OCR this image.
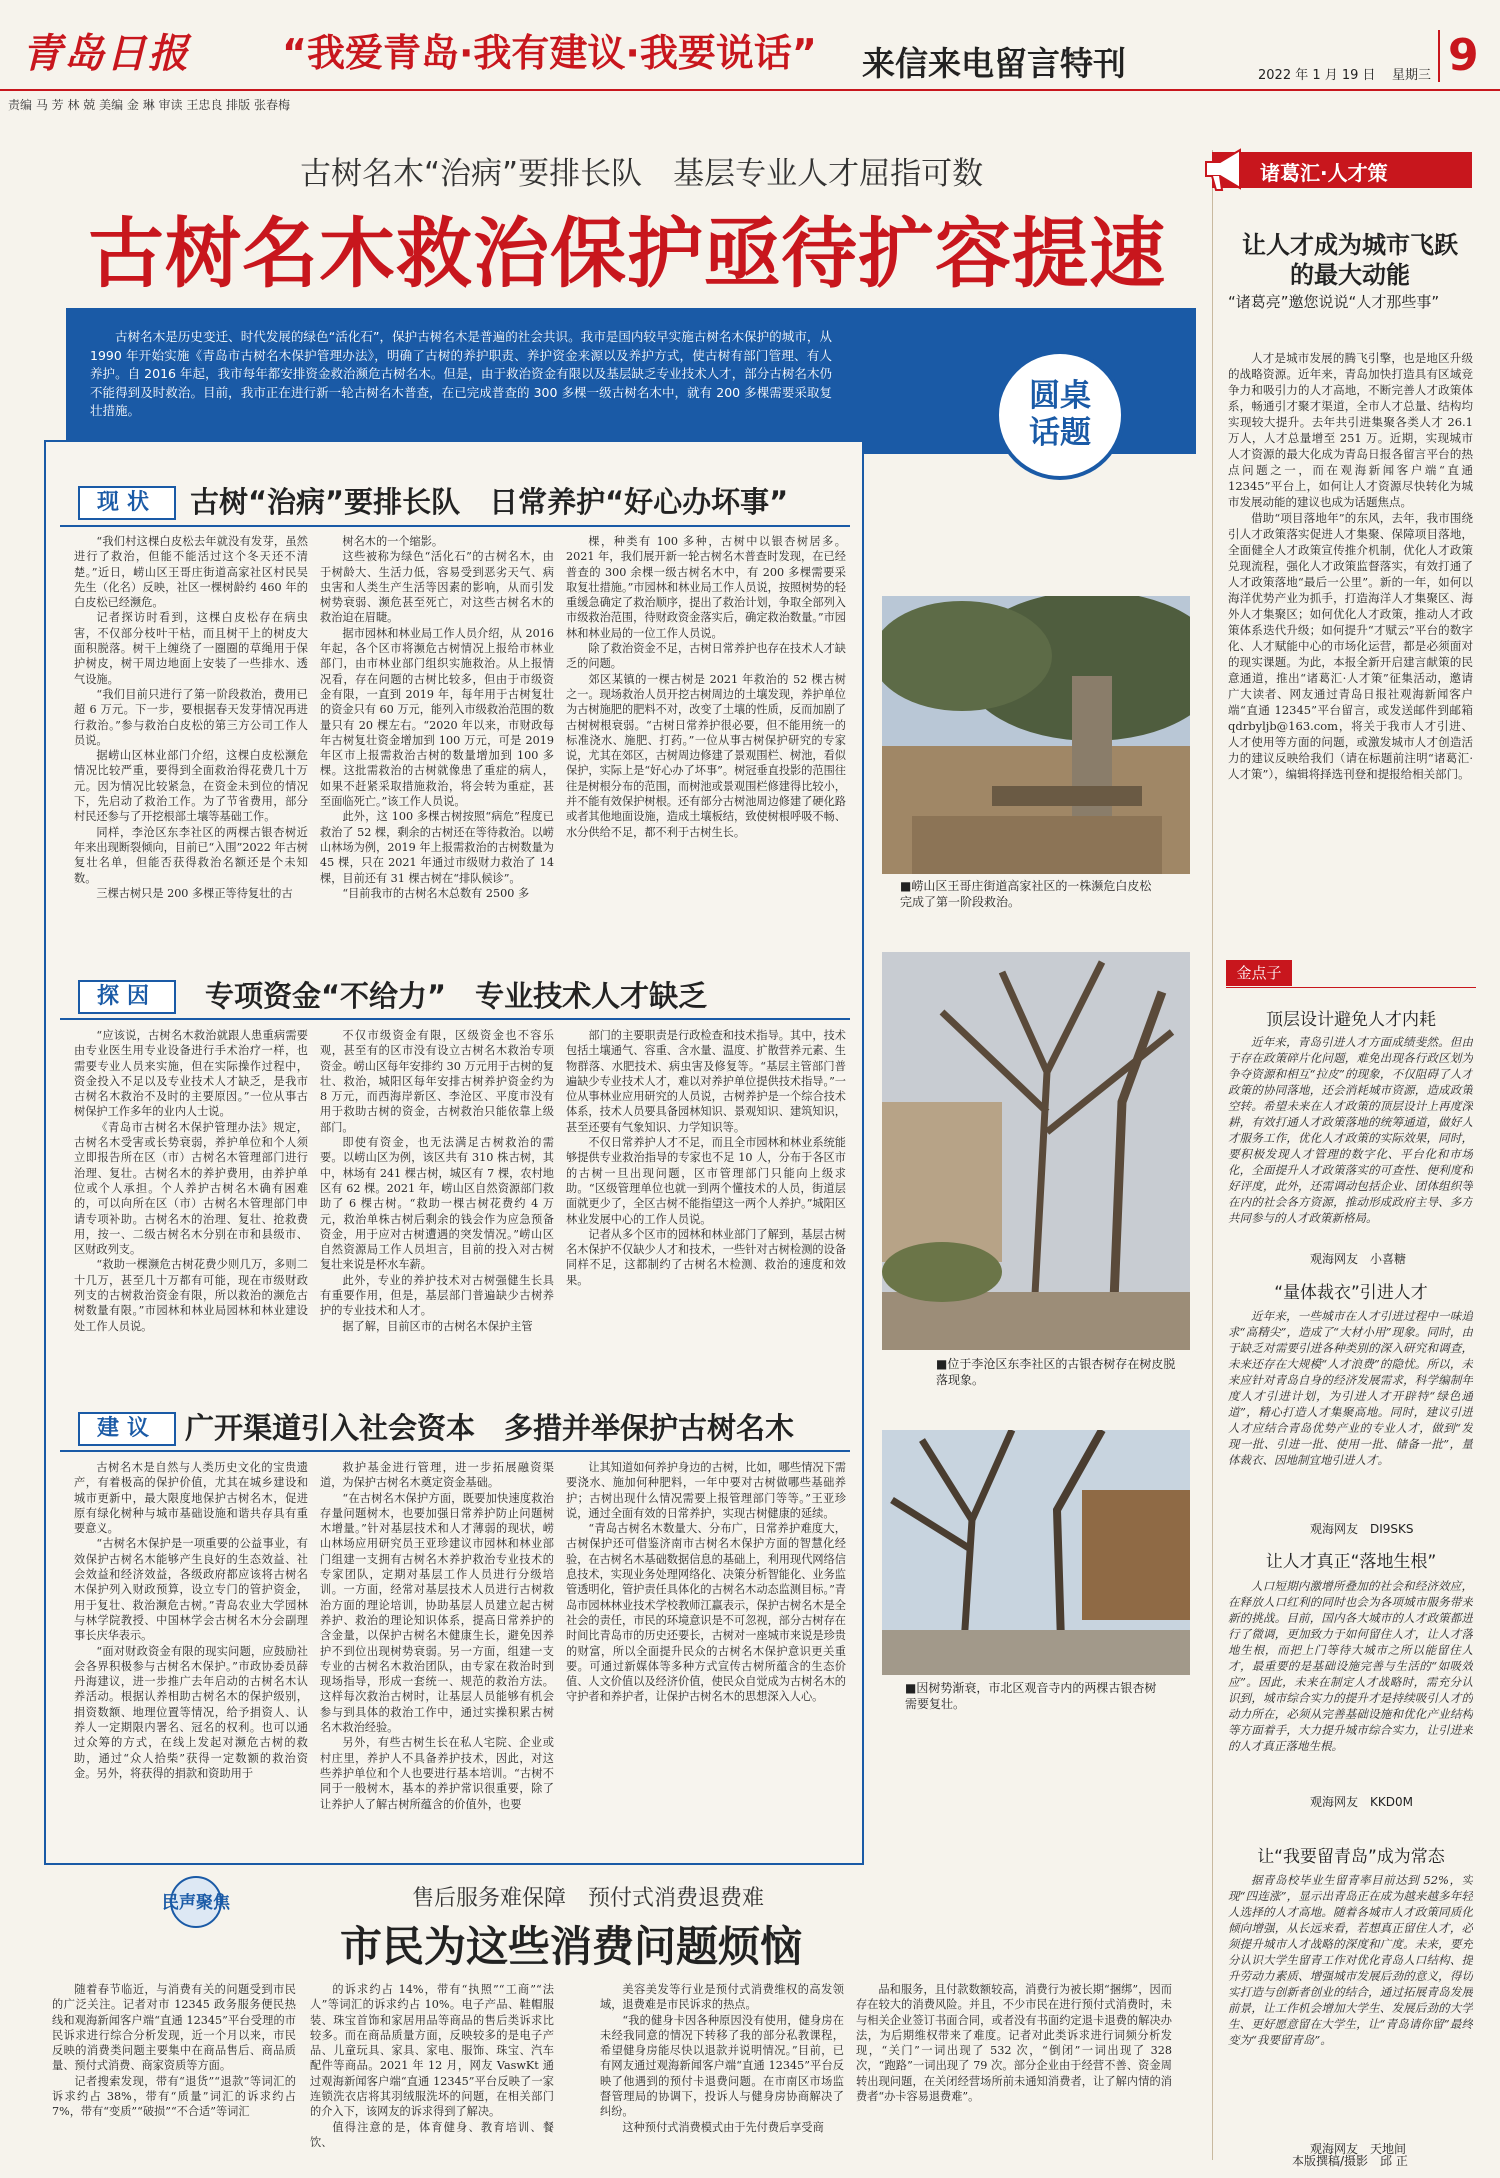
青岛日报 “我爱青岛·我有建议·我要说话” 来信来电留言特刊	2022 年 1 月 19 日 星期三 9
责编 马 芳 林 兢 美编 金 琳 审读 王忠良 排版 张春梅
古树名木“治病”要排长队　基层专业人才屈指可数
古树名木救治保护亟待扩容提速
古树名木是历史变迁、时代发展的绿色“活化石”，保护古树名木是普遍的社会共识。我市是国内较早实施古树名木保护的城市，从 1990 年开始实施《青岛市古树名木保护管理办法》，明确了古树的养护职责、养护资金来源以及养护方式，使古树有部门管理、有人养护。自 2016 年起，我市每年都安排资金救治濒危古树名木。但是，由于救治资金有限以及基层缺乏专业技术人才，部分古树名木仍不能得到及时救治。目前，我市正在进行新一轮古树名木普查，在已完成普查的 300 多棵一级古树名木中，就有 200 多棵需要采取复壮措施。	圆桌话题
现状	古树“治病”要排长队　日常养护“好心办坏事”

“我们村这棵白皮松去年就没有发芽，虽然进行了救治，但能不能活过这个冬天还不清楚。”近日，崂山区王哥庄街道高家社区村民吴先生（化名）反映，社区一棵树龄约 460 年的白皮松已经濒危。

记者探访时看到，这棵白皮松存在病虫害，不仅部分枝叶干枯，而且树干上的树皮大面积脱落。树干上缠绕了一圈圈的草绳用于保护树皮，树干周边地面上安装了一些排水、透气设施。

“我们目前只进行了第一阶段救治，费用已超 6 万元。下一步，要根据春天发芽情况再进行救治。”参与救治白皮松的第三方公司工作人员说。

据崂山区林业部门介绍，这棵白皮松濒危情况比较严重，要得到全面救治得花费几十万元。因为情况比较紧急，在资金未到位的情况下，先启动了救治工作。为了节省费用，部分村民还参与了开挖根部土壤等基础工作。

同样，李沧区东李社区的两棵古银杏树近年来出现断裂倾向，目前已“入围”2022 年古树复壮名单，但能否获得救治名额还是个未知数。

三棵古树只是 200 多棵正等待复壮的古

树名木的一个缩影。

这些被称为绿色“活化石”的古树名木，由于树龄大、生活力低，容易受到恶劣天气、病虫害和人类生产生活等因素的影响，从而引发树势衰弱、濒危甚至死亡，对这些古树名木的救治迫在眉睫。

据市园林和林业局工作人员介绍，从 2016 年起，各个区市将濒危古树情况上报给市林业部门，由市林业部门组织实施救治。从上报情况看，存在问题的古树比较多，但由于市级资金有限，一直到 2019 年，每年用于古树复壮的资金只有 60 万元，能列入市级救治范围的数量只有 20 棵左右。“2020 年以来，市财政每年古树复壮资金增加到 100 万元，可是 2019 年区市上报需救治古树的数量增加到 100 多棵。这批需救治的古树就像患了重症的病人，如果不赶紧采取措施救治，将会转为重症，甚至面临死亡。”该工作人员说。

此外，这 100 多棵古树按照“病危”程度已救治了 52 棵，剩余的古树还在等待救治。以崂山林场为例，2019 年上报需救治的古树数量为 45 棵，只在 2021 年通过市级财力救治了 14 棵，目前还有 31 棵古树在“排队候诊”。

“目前我市的古树名木总数有 2500 多

棵，种类有 100 多种，古树中以银杏树居多。2021 年，我们展开新一轮古树名木普查时发现，在已经普查的 300 余棵一级古树名木中，有 200 多棵需要采取复壮措施。”市园林和林业局工作人员说，按照树势的轻重缓急确定了救治顺序，提出了救治计划，争取全部列入市级救治范围，待财政资金落实后，确定救治数量。”市园林和林业局的一位工作人员说。

除了救治资金不足，古树日常养护也存在技术人才缺乏的问题。

郊区某镇的一棵古树是 2021 年救治的 52 棵古树之一。现场救治人员开挖古树周边的土壤发现，养护单位为古树施肥的肥料不对，改变了土壤的性质，反而加剧了古树树根衰弱。“古树日常养护很必要，但不能用统一的标准浇水、施肥、打药。”一位从事古树保护研究的专家说，尤其在郊区，古树周边修建了景观围栏、树池，看似保护，实际上是“好心办了坏事”。树冠垂直投影的范围往往是树根分布的范围，而树池或景观围栏修建得比较小，并不能有效保护树根。还有部分古树池周边修建了硬化路或者其他地面设施，造成土壤板结，致使树根呼吸不畅、水分供给不足，都不利于古树生长。

探因	专项资金“不给力”　专业技术人才缺乏

“应该说，古树名木救治就跟人患重病需要由专业医生用专业设备进行手术治疗一样，也需要专业人员来实施，但在实际操作过程中，资金投入不足以及专业技术人才缺乏，是我市古树名木救治不及时的主要原因。”一位从事古树保护工作多年的业内人士说。

《青岛市古树名木保护管理办法》规定，古树名木受害或长势衰弱，养护单位和个人须立即报告所在区（市）古树名木管理部门进行治理、复壮。古树名木的养护费用，由养护单位或个人承担。个人养护古树名木确有困难的，可以向所在区（市）古树名木管理部门申请专项补助。古树名木的治理、复壮、抢救费用，按一、二级古树名木分别在市和县级市、区财政列支。

“救助一棵濒危古树花费少则几万，多则二十几万，甚至几十万都有可能，现在市级财政列支的古树救治资金有限，所以救治的濒危古树数量有限。”市园林和林业局园林和林业建设处工作人员说。

不仅市级资金有限，区级资金也不容乐观，甚至有的区市没有设立古树名木救治专项资金。崂山区每年安排约 30 万元用于古树的复壮、救治，城阳区每年安排古树养护资金约为 8 万元，而西海岸新区、李沧区、平度市没有用于救助古树的资金，古树救治只能依靠上级部门。

即使有资金，也无法满足古树救治的需要。以崂山区为例，该区共有 310 株古树，其中，林场有 241 棵古树，城区有 7 棵，农村地区有 62 棵。2021 年，崂山区自然资源部门救助了 6 棵古树。“救助一棵古树花费约 4 万元，救治单株古树后剩余的钱会作为应急预备资金，用于应对古树遭遇的突发情况。”崂山区自然资源局工作人员坦言，目前的投入对古树复壮来说是杯水车薪。

此外，专业的养护技术对古树强健生长具有重要作用，但是，基层部门普遍缺少古树养护的专业技术和人才。

据了解，目前区市的古树名木保护主管

部门的主要职责是行政检查和技术指导。其中，技术包括土壤通气、容重、含水量、温度、扩散营养元素、生物群落、水肥技术、病虫害及修复等。“基层主管部门普遍缺少专业技术人才，难以对养护单位提供技术指导。”一位从事林业应用研究的人员说，古树养护是一个综合技术体系，技术人员要具备园林知识、景观知识、建筑知识，甚至还要有气象知识、力学知识等。

不仅日常养护人才不足，而且全市园林和林业系统能够提供专业救治指导的专家也不足 10 人，分布于各区市的古树一旦出现问题，区市管理部门只能向上级求助。“区级管理单位也就一到两个懂技术的人员，街道层面就更少了，全区古树不能指望这一两个人养护。”城阳区林业发展中心的工作人员说。

记者从多个区市的园林和林业部门了解到，基层古树名木保护不仅缺少人才和技术，一些针对古树检测的设备同样不足，这都制约了古树名木检测、救治的速度和效果。

建议 广开渠道引入社会资本　多措并举保护古树名木

古树名木是自然与人类历史文化的宝贵遗产，有着极高的保护价值，尤其在城乡建设和城市更新中，最大限度地保护古树名木，促进原有绿化树种与城市基础设施和谐共存具有重要意义。

“古树名木保护是一项重要的公益事业，有效保护古树名木能够产生良好的生态效益、社会效益和经济效益，各级政府都应该将古树名木保护列入财政预算，设立专门的管护资金，用于复壮、救治濒危古树。”青岛农业大学园林与林学院教授、中国林学会古树名木分会副理事长庆华表示。

“面对财政资金有限的现实问题，应鼓励社会各界积极参与古树名木保护。”市政协委员薛丹海建议，进一步推广去年启动的古树名木认养活动。根据认养相助古树名木的保护级别，捐资数额、地理位置等情况，给予捐资人、认养人一定期限内署名、冠名的权利。也可以通过众筹的方式，在线上发起对濒危古树的救助，通过“众人拾柴”获得一定数额的救治资金。另外，将获得的捐款和资助用于

救护基金进行管理，进一步拓展融资渠道，为保护古树名木奠定资金基础。

“在古树名木保护方面，既要加快速度救治存量问题树木，也要加强日常养护防止问题树木增量。”针对基层技术和人才薄弱的现状，崂山林场应用研究员王亚珍建议市园林和林业部门组建一支拥有古树名木养护救治专业技术的专家团队，定期对基层工作人员进行分级培训。一方面，经常对基层技术人员进行古树救治方面的理论培训，协助基层人员建立起古树养护、救治的理论知识体系，提高日常养护的含金量，以保护古树名木健康生长，避免因养护不到位出现树势衰弱。另一方面，组建一支专业的古树名木救治团队，由专家在救治时到现场指导，形成一套统一、规范的救治方法。这样每次救治古树时，让基层人员能够有机会参与到具体的救治工作中，通过实操积累古树名木救治经验。

另外，有些古树生长在私人宅院、企业或村庄里，养护人不具备养护技术，因此，对这些养护单位和个人也要进行基本培训。“古树不同于一般树木，基本的养护常识很重要，除了让养护人了解古树所蕴含的价值外，也要

让其知道如何养护身边的古树，比如，哪些情况下需要浇水、施加何种肥料，一年中要对古树做哪些基础养护；古树出现什么情况需要上报管理部门等等。”王亚珍说，通过全面有效的日常养护，实现古树健康的延续。

“青岛古树名木数量大、分布广，日常养护难度大，古树保护还可借鉴济南市古树名木保护方面的智慧化经验，在古树名木基础数据信息的基础上，利用现代网络信息技术，实现业务处理网络化、决策分析智能化、业务监管透明化，管护责任具体化的古树名木动态监测目标。”青岛市园林林业技术学校教师江赢表示，保护古树名木是全社会的责任，市民的环境意识是不可忽视，部分古树存在时间比青岛市的历史还要长，古树对一座城市来说是珍贵的财富，所以全面提升民众的古树名木保护意识更关重要。可通过新媒体等多种方式宣传古树所蕴含的生态价值、人文价值以及经济价值，使民众自觉成为古树名木的守护者和养护者，让保护古树名木的思想深入人心。

■崂山区王哥庄街道高家社区的一株濒危白皮松完成了第一阶段救治。
■位于李沧区东李社区的古银杏树存在树皮脱落现象。
■因树势渐衰，市北区观音寺内的两棵古银杏树需要复壮。
民声聚焦	售后服务难保障　预付式消费退费难
市民为这些消费问题烦恼

随着春节临近，与消费有关的问题受到市民的广泛关注。记者对市 12345 政务服务便民热线和观海新闻客户端“直通 12345”平台受理的市民诉求进行综合分析发现，近一个月以来，市民反映的消费类问题主要集中在商品售后、商品质量、预付式消费、商家资质等方面。

记者搜索发现，带有“退货”“退款”等词汇的诉求约占 38%，带有“质量”词汇的诉求约占 7%，带有“变质”“破损”“不合适”等词汇

的诉求约占 14%，带有“执照”“工商”“法人”等词汇的诉求约占 10%。电子产品、鞋帽服装、珠宝首饰和家居用品等商品的售后类诉求比较多。而在商品质量方面，反映较多的是电子产品、儿童玩具、家具、家电、服饰、珠宝、汽车配件等商品。2021 年 12 月，网友 VaswKt 通过观海新闻客户端“直通 12345”平台反映了一家连锁洗衣店将其羽绒服洗坏的问题，在相关部门的介入下，该网友的诉求得到了解决。

值得注意的是，体育健身、教育培训、餐饮、

美容美发等行业是预付式消费维权的高发领域，退费难是市民诉求的热点。

“我的健身卡因各种原因没有使用，健身房在未经我同意的情况下转移了我的部分私教课程，希望健身房能尽快以退款并说明情况。”目前，已有网友通过观海新闻客户端“直通 12345”平台反映了他遇到的预付卡退费问题。在市南区市场监督管理局的协调下，投诉人与健身房协商解决了纠纷。

这种预付式消费模式由于先付费后享受商

品和服务，且付款数额较高，消费行为被长期“捆绑”，因而存在较大的消费风险。并且，不少市民在进行预付式消费时，未与相关企业签订书面合同，或者没有书面约定退卡退费的解决办法，为后期维权带来了难度。记者对此类诉求进行词频分析发现，“关门”一词出现了 532 次，“倒闭”一词出现了 328 次，“跑路”一词出现了 79 次。部分企业由于经营不善、资金周转出现问题，在关闭经营场所前未通知消费者，让了解内情的消费者“办卡容易退费难”。

本版撰稿/摄影　邱 正
诸葛汇·人才策
让人才成为城市飞跃的最大动能
“诸葛亮”邀您说说“人才那些事”

人才是城市发展的腾飞引擎，也是地区升级的战略资源。近年来，青岛加快打造具有区域竞争力和吸引力的人才高地，不断完善人才政策体系，畅通引才聚才渠道，全市人才总量、结构均实现较大提升。去年共引进集聚各类人才 26.1 万人，人才总量增至 251 万。近期，实现城市人才资源的最大化成为青岛日报各留言平台的热点问题之一，而在观海新闻客户端“直通 12345”平台上，如何让人才资源尽快转化为城市发展动能的建议也成为话题焦点。

借助“项目落地年”的东风，去年，我市围绕引人才政策落实促进人才集聚、保障项目落地，全面健全人才政策宣传推介机制，优化人才政策兑现流程，强化人才政策监督落实，有效打通了人才政策落地“最后一公里”。新的一年，如何以海洋优势产业为抓手，打造海洋人才集聚区、海外人才集聚区；如何优化人才政策，推动人才政策体系迭代升级；如何提升“才赋云”平台的数字化、人才赋能中心的市场化运营，都是必须面对的现实课题。为此，本报全新开启建言献策的民意通道，推出“诸葛汇·人才策”征集活动，邀请广大读者、网友通过青岛日报社观海新闻客户端“直通 12345”平台留言，或发送邮件到邮箱 qdrbyljb@163.com，将关于我市人才引进、人才使用等方面的问题，或激发城市人才创造活力的建议反映给我们（请在标题前注明“诸葛汇·人才策”），编辑将择选刊登和提报给相关部门。

金点子
顶层设计避免人才内耗
近年来，青岛引进人才方面成绩斐然。但由于存在政策碎片化问题，难免出现各行政区划为争夺资源和相互“拉皮”的现象，不仅阻碍了人才政策的协同落地，还会消耗城市资源，造成政策空转。希望未来在人才政策的顶层设计上再度深耕，有效打通人才政策落地的统筹通道，做好人才服务工作，优化人才政策的实际效果，同时，要积极发现人才管理的数字化、平台化和市场化，全面提升人才政策落实的可查性、便利度和好评度，此外，还需调动包括企业、团体组织等在内的社会各方资源，推动形成政府主导、多方共同参与的人才政策新格局。
观海网友　小喜糖
“量体裁衣”引进人才
近年来，一些城市在人才引进过程中一味追求“高精尖”，造成了“大材小用”现象。同时，由于缺乏对需要引进各种类别的深入研究和调查，未来还存在大规模“人才浪费”的隐忧。所以，未来应针对青岛自身的经济发展需求，科学编制年度人才引进计划，为引进人才开辟特“绿色通道”，精心打造人才集聚高地。同时，建议引进人才应结合青岛优势产业的专业人才，做到“发现一批、引进一批、使用一批、储备一批”，量体裁衣、因地制宜地引进人才。
观海网友　DI9SKS
让人才真正“落地生根”
人口短期内激增所叠加的社会和经济效应，在释放人口红利的同时也会为各项城市服务带来新的挑战。目前，国内各大城市的人才政策都进行了微调，更加致力于如何留住人才，让人才落地生根，而把上门等待大城市之所以能留住人才，最重要的是基础设施完善与生活的“如吸效应”。因此，未来在制定人才战略时，需充分认识到，城市综合实力的提升才是持续吸引人才的动力所在，必须从完善基础设施和优化产业结构等方面着手，大力提升城市综合实力，让引进来的人才真正落地生根。
观海网友　KKD0M
让“我要留青岛”成为常态
据青岛校毕业生留青率目前达到 52%，实现“四连涨”，显示出青岛正在成为越来越多年轻人选择的人才高地。随着各城市人才政策同质化倾向增强，从长远来看，若想真正留住人才，必须提升城市人才战略的深度和广度。未来，要充分认识大学生留青工作对优化青岛人口结构、提升劳动力素质、增强城市发展后劲的意义，得切实打造与创新者创业的结合，通过拓展青岛发展前景，让工作机会增加大学生、发展后劲的大学生、更好愿意留在大学生，让“青岛请你留”最终变为“我要留青岛”。
观海网友　天地间
